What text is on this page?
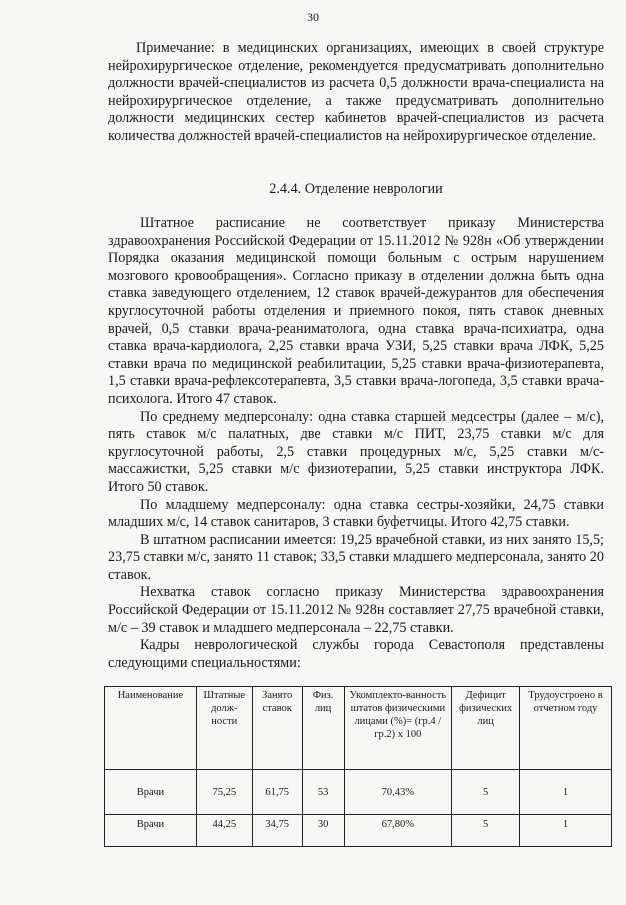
30
Примечание: в медицинских организациях, имеющих в своей структуре нейрохирургическое отделение, рекомендуется предусматривать дополнительно должности врачей-специалистов из расчета 0,5 должности врача-специалиста на нейрохирургическое отделение, а также предусматривать дополнительно должности медицинских сестер кабинетов врачей-специалистов из расчета количества должностей врачей-специалистов на нейрохирургическое отделение.
2.4.4. Отделение неврологии

Штатное расписание не соответствует приказу Министерства здравоохранения Российской Федерации от 15.11.2012 № 928н «Об утверждении Порядка оказания медицинской помощи больным с острым нарушением мозгового кровообращения». Согласно приказу в отделении должна быть одна ставка заведующего отделением, 12 ставок врачей-дежурантов для обеспечения круглосуточной работы отделения и приемного покоя, пять ставок дневных врачей, 0,5 ставки врача-реаниматолога, одна ставка врача-психиатра, одна ставка врача-кардиолога, 2,25 ставки врача УЗИ, 5,25 ставки врача ЛФК, 5,25 ставки врача по медицинской реабилитации, 5,25 ставки врача-физиотерапевта, 1,5 ставки врача-рефлексотерапевта, 3,5 ставки врача-логопеда, 3,5 ставки врача-психолога. Итого 47 ставок.

По среднему медперсоналу: одна ставка старшей медсестры (далее – м/с), пять ставок м/с палатных, две ставки м/с ПИТ, 23,75 ставки м/с для круглосуточной работы, 2,5 ставки процедурных м/с, 5,25 ставки м/с-массажистки, 5,25 ставки м/с физиотерапии, 5,25 ставки инструктора ЛФК. Итого 50 ставок.

По младшему медперсоналу: одна ставка сестры-хозяйки, 24,75 ставки младших м/с, 14 ставок санитаров, 3 ставки буфетчицы. Итого 42,75 ставки.

В штатном расписании имеется: 19,25 врачебной ставки, из них занято 15,5; 23,75 ставки м/с, занято 11 ставок; 33,5 ставки младшего медперсонала, занято 20 ставок.

Нехватка ставок согласно приказу Министерства здравоохранения Российской Федерации от 15.11.2012 № 928н составляет 27,75 врачебной ставки, м/с – 39 ставок и младшего медперсонала – 22,75 ставки.

Кадры неврологической службы города Севастополя представлены следующими специальностями:

Наименование	Штатные долж-ности	Занято ставок	Физ. лиц	Укомплекто-ванность штатов физическими лицами (%)= (гр.4 / гр.2) х 100	Дефицит физических лиц	Трудоустроено в отчетном году
Врачи	75,25	61,75	53	70,43%	5	1
Врачи	44,25	34,75	30	67,80%	5	1
